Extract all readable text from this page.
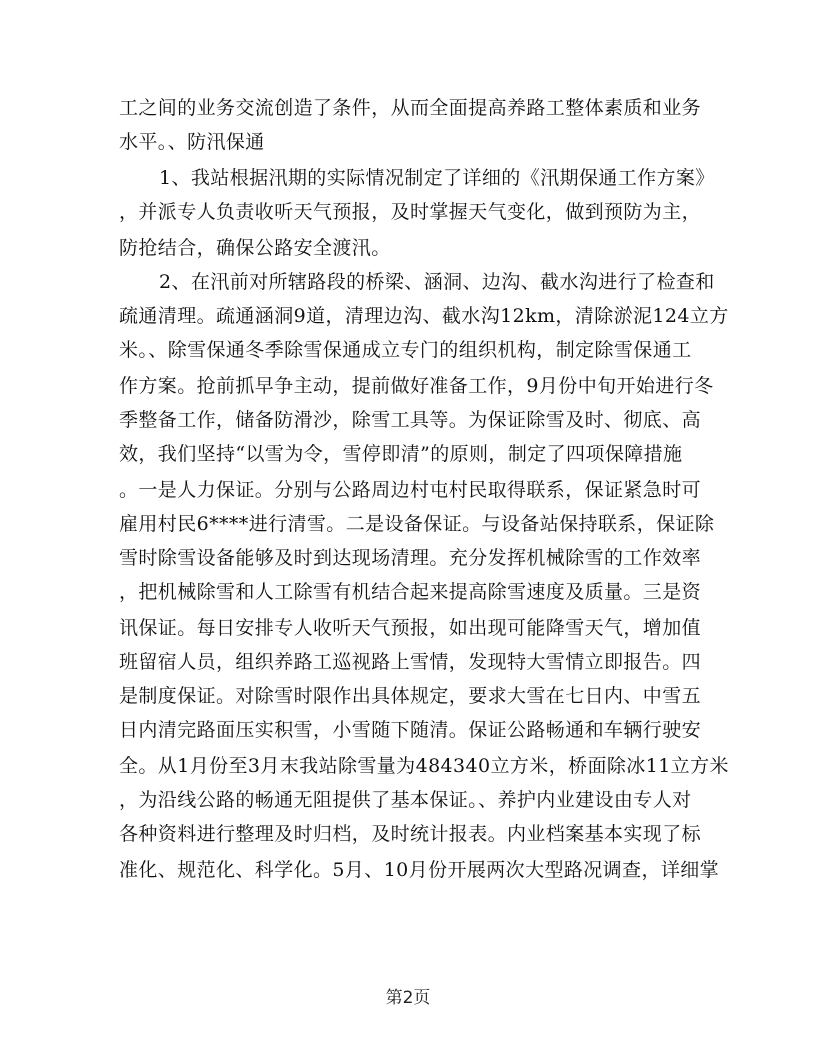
工之间的业务交流创造了条件，从而全面提高养路工整体素质和业务
水平。、防汛保通
1、我站根据汛期的实际情况制定了详细的《汛期保通工作方案》
，并派专人负责收听天气预报，及时掌握天气变化，做到预防为主，
防抢结合，确保公路安全渡汛。
2、在汛前对所辖路段的桥梁、涵洞、边沟、截水沟进行了检查和
疏通清理。疏通涵洞9道，清理边沟、截水沟12km，清除淤泥124立方
米。、除雪保通冬季除雪保通成立专门的组织机构，制定除雪保通工
作方案。抢前抓早争主动，提前做好准备工作，9月份中旬开始进行冬
季整备工作，储备防滑沙，除雪工具等。为保证除雪及时、彻底、高
效，我们坚持“以雪为令，雪停即清”的原则，制定了四项保障措施
。一是人力保证。分别与公路周边村屯村民取得联系，保证紧急时可
雇用村民6****进行清雪。二是设备保证。与设备站保持联系，保证除
雪时除雪设备能够及时到达现场清理。充分发挥机械除雪的工作效率
，把机械除雪和人工除雪有机结合起来提高除雪速度及质量。三是资
讯保证。每日安排专人收听天气预报，如出现可能降雪天气，增加值
班留宿人员，组织养路工巡视路上雪情，发现特大雪情立即报告。四
是制度保证。对除雪时限作出具体规定，要求大雪在七日内、中雪五
日内清完路面压实积雪，小雪随下随清。保证公路畅通和车辆行驶安
全。从1月份至3月末我站除雪量为484340立方米，桥面除冰11立方米
，为沿线公路的畅通无阻提供了基本保证。、养护内业建设由专人对
各种资料进行整理及时归档，及时统计报表。内业档案基本实现了标
准化、规范化、科学化。5月、10月份开展两次大型路况调查，详细掌
第2页
